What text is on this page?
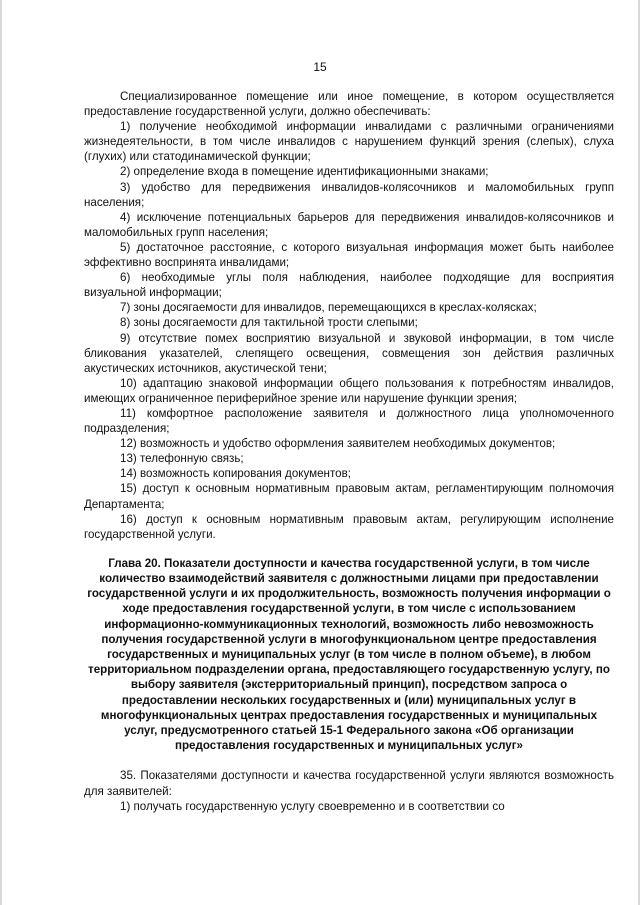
15

Специализированное помещение или иное помещение, в котором осуществляется предоставление государственной услуги, должно обеспечивать:

1) получение необходимой информации инвалидами с различными ограничениями жизнедеятельности, в том числе инвалидов с нарушением функций зрения (слепых), слуха (глухих) или статодинамической функции;

2) определение входа в помещение идентификационными знаками;

3) удобство для передвижения инвалидов-колясочников и маломобильных групп населения;

4) исключение потенциальных барьеров для передвижения инвалидов-колясочников и маломобильных групп населения;

5) достаточное расстояние, с которого визуальная информация может быть наиболее эффективно воспринята инвалидами;

6) необходимые углы поля наблюдения, наиболее подходящие для восприятия визуальной информации;

7) зоны досягаемости для инвалидов, перемещающихся в креслах-колясках;

8) зоны досягаемости для тактильной трости слепыми;

9) отсутствие помех восприятию визуальной и звуковой информации, в том числе бликования указателей, слепящего освещения, совмещения зон действия различных акустических источников, акустической тени;

10) адаптацию знаковой информации общего пользования к потребностям инвалидов, имеющих ограниченное периферийное зрение или нарушение функции зрения;

11) комфортное расположение заявителя и должностного лица уполномоченного подразделения;

12) возможность и удобство оформления заявителем необходимых документов;

13) телефонную связь;

14) возможность копирования документов;

15) доступ к основным нормативным правовым актам, регламентирующим полномочия Департамента;

16) доступ к основным нормативным правовым актам, регулирующим исполнение государственной услуги.

Глава 20. Показатели доступности и качества государственной услуги, в том числе количество взаимодействий заявителя с должностными лицами при предоставлении государственной услуги и их продолжительность, возможность получения информации о ходе предоставления государственной услуги, в том числе с использованием информационно-коммуникационных технологий, возможность либо невозможность получения государственной услуги в многофункциональном центре предоставления государственных и муниципальных услуг (в том числе в полном объеме), в любом территориальном подразделении органа, предоставляющего государственную услугу, по выбору заявителя (экстерриториальный принцип), посредством запроса о предоставлении нескольких государственных и (или) муниципальных услуг в многофункциональных центрах предоставления государственных и муниципальных услуг, предусмотренного статьей 15-1 Федерального закона «Об организации предоставления государственных и муниципальных услуг»

35. Показателями доступности и качества государственной услуги являются возможность для заявителей:

1) получать государственную услугу своевременно и в соответствии со
